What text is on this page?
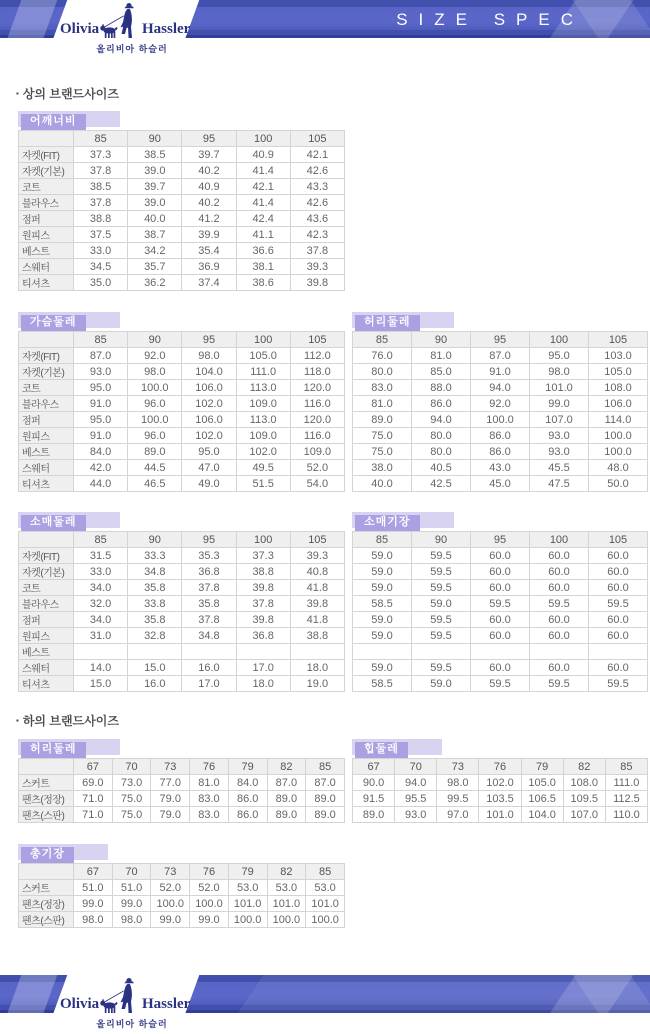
SIZE SPEC
Olivia	Hassler
올리비아 하슬러
▪ 상의 브랜드사이즈
▪ 하의 브랜드사이즈
어깨너비
가슴둘레	허리둘레
소매둘레	소매기장
허리둘레	힙둘레
총기장
	85	90	95	100	105
자켓(FIT)	37.3	38.5	39.7	40.9	42.1
자켓(기본)	37.8	39.0	40.2	41.4	42.6
코트	38.5	39.7	40.9	42.1	43.3
블라우스	37.8	39.0	40.2	41.4	42.6
점퍼	38.8	40.0	41.2	42.4	43.6
원피스	37.5	38.7	39.9	41.1	42.3
베스트	33.0	34.2	35.4	36.6	37.8
스웨터	34.5	35.7	36.9	38.1	39.3
티셔츠	35.0	36.2	37.4	38.6	39.8
	85	90	95	100	105
자켓(FIT)	87.0	92.0	98.0	105.0	112.0
자켓(기본)	93.0	98.0	104.0	111.0	118.0
코트	95.0	100.0	106.0	113.0	120.0
블라우스	91.0	96.0	102.0	109.0	116.0
점퍼	95.0	100.0	106.0	113.0	120.0
원피스	91.0	96.0	102.0	109.0	116.0
베스트	84.0	89.0	95.0	102.0	109.0
스웨터	42.0	44.5	47.0	49.5	52.0
티셔츠	44.0	46.5	49.0	51.5	54.0
85	90	95	100	105
76.0	81.0	87.0	95.0	103.0
80.0	85.0	91.0	98.0	105.0
83.0	88.0	94.0	101.0	108.0
81.0	86.0	92.0	99.0	106.0
89.0	94.0	100.0	107.0	114.0
75.0	80.0	86.0	93.0	100.0
75.0	80.0	86.0	93.0	100.0
38.0	40.5	43.0	45.5	48.0
40.0	42.5	45.0	47.5	50.0
	85	90	95	100	105
자켓(FIT)	31.5	33.3	35.3	37.3	39.3
자켓(기본)	33.0	34.8	36.8	38.8	40.8
코트	34.0	35.8	37.8	39.8	41.8
블라우스	32.0	33.8	35.8	37.8	39.8
점퍼	34.0	35.8	37.8	39.8	41.8
원피스	31.0	32.8	34.8	36.8	38.8
베스트					
스웨터	14.0	15.0	16.0	17.0	18.0
티셔츠	15.0	16.0	17.0	18.0	19.0
85	90	95	100	105
59.0	59.5	60.0	60.0	60.0
59.0	59.5	60.0	60.0	60.0
59.0	59.5	60.0	60.0	60.0
58.5	59.0	59.5	59.5	59.5
59.0	59.5	60.0	60.0	60.0
59.0	59.5	60.0	60.0	60.0

59.0	59.5	60.0	60.0	60.0
58.5	59.0	59.5	59.5	59.5
	67	70	73	76	79	82	85
스커트	69.0	73.0	77.0	81.0	84.0	87.0	87.0
팬츠(정장)	71.0	75.0	79.0	83.0	86.0	89.0	89.0
팬츠(스판)	71.0	75.0	79.0	83.0	86.0	89.0	89.0
67	70	73	76	79	82	85
90.0	94.0	98.0	102.0	105.0	108.0	111.0
91.5	95.5	99.5	103.5	106.5	109.5	112.5
89.0	93.0	97.0	101.0	104.0	107.0	110.0
	67	70	73	76	79	82	85
스커트	51.0	51.0	52.0	52.0	53.0	53.0	53.0
팬츠(정장)	99.0	99.0	100.0	100.0	101.0	101.0	101.0
팬츠(스판)	98.0	98.0	99.0	99.0	100.0	100.0	100.0
Olivia	Hassler
올리비아 하슬러
